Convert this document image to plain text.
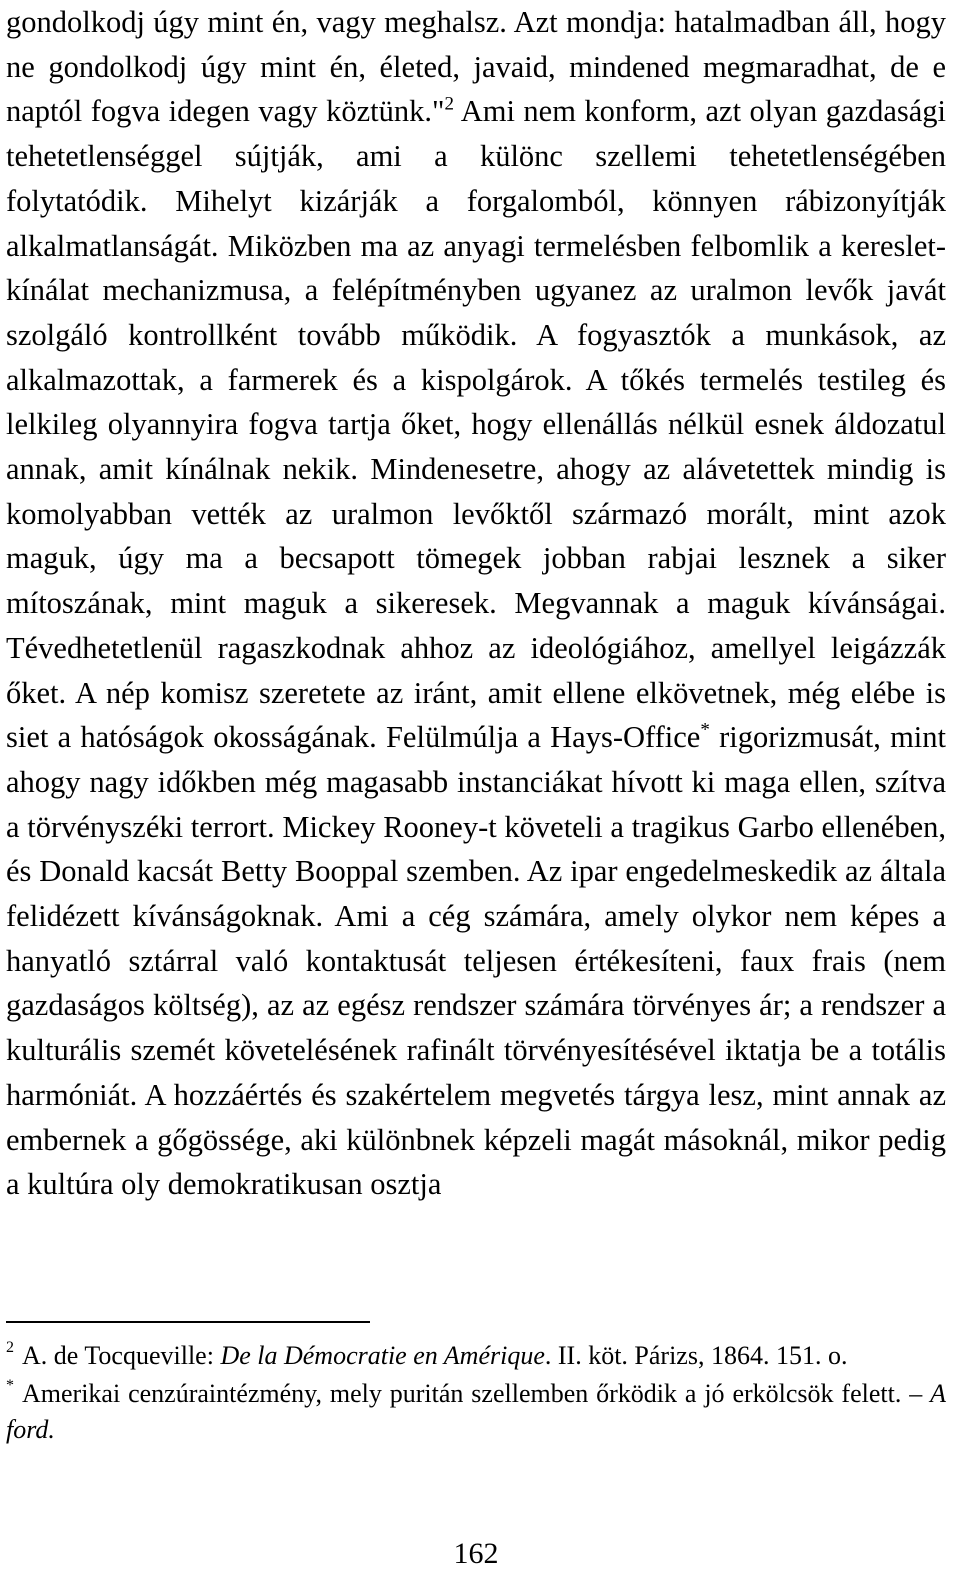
gondolkodj úgy mint én, vagy meghalsz. Azt mondja: hatalmadban áll, hogy ne gondolkodj úgy mint én, életed, javaid, mindened megmaradhat, de e naptól fogva idegen vagy köztünk."$^2$ Ami nem konform, azt olyan gazdasági tehetetlenséggel sújtják, ami a különc szellemi tehetetlenségében folytatódik. Mihelyt kizárják a forgalomból, könnyen rábizonyítják alkalmatlanságát. Miközben ma az anyagi termelésben felbomlik a kereslet-kínálat mechanizmusa, a felépítményben ugyanez az uralmon levők javát szolgáló kontrollként tovább működik. A fogyasztók a munkások, az alkalmazottak, a farmerek és a kispolgárok. A tőkés termelés testileg és lelkileg olyannyira fogva tartja őket, hogy ellenállás nélkül esnek áldozatul annak, amit kínálnak nekik. Mindenesetre, ahogy az alávetettek mindig is komolyabban vették az uralmon levőktől származó morált, mint azok maguk, úgy ma a becsapott tömegek jobban rabjai lesznek a siker mítoszának, mint maguk a sikeresek. Megvannak a maguk kívánságai. Tévedhetetlenül ragaszkodnak ahhoz az ideológiához, amellyel leigázzák őket. A nép komisz szeretete az iránt, amit ellene elkövetnek, még elébe is siet a hatóságok okosságának. Felülmúlja a Hays-Office* rigorizmusát, mint ahogy nagy időkben még magasabb instanciákat hívott ki maga ellen, szítva a törvényszéki terrort. Mickey Rooney-t követeli a tragikus Garbo ellenében, és Donald kacsát Betty Booppal szemben. Az ipar engedelmeskedik az általa felidézett kívánságoknak. Ami a cég számára, amely olykor nem képes a hanyatló sztárral való kontaktusát teljesen értékesíteni, faux frais (nem gazdaságos költség), az az egész rendszer számára törvényes ár; a rendszer a kulturális szemét követelésének rafinált törvényesítésével iktatja be a totális harmóniát. A hozzáértés és szakértelem megvetés tárgya lesz, mint annak az embernek a gőgössége, aki különbnek képzeli magát másoknál, mikor pedig a kultúra oly demokratikusan osztja

$^2$ A. de Tocqueville: De la Démocratie en Amérique. II. köt. Párizs, 1864. 151. o.

* Amerikai cenzúraintézmény, mely puritán szellemben őrködik a jó erkölcsök felett. – A ford.

162
